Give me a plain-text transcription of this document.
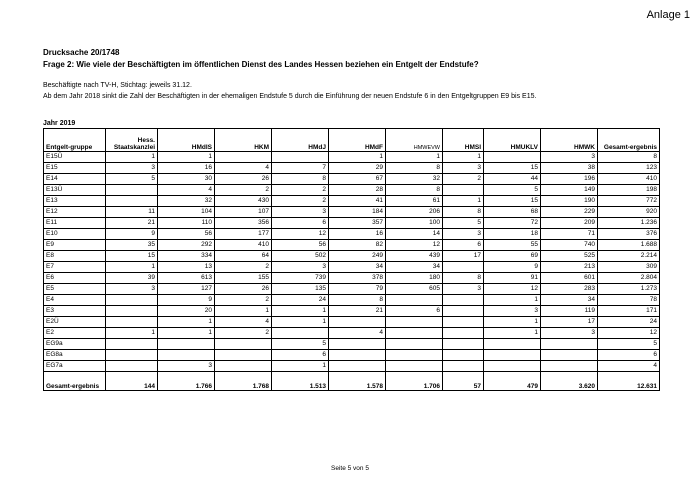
Anlage 1
Drucksache 20/1748
Frage 2: Wie viele der Beschäftigten im öffentlichen Dienst des Landes Hessen beziehen ein Entgelt der Endstufe?
Beschäftigte nach TV-H, Stichtag: jeweils 31.12.
Ab dem Jahr 2018 sinkt die Zahl der Beschäftigten in der ehemaligen Endstufe 5 durch die Einführung der neuen Endstufe 6 in den Entgeltgruppen E9 bis E15.
Jahr 2019
Entgelt-gruppe	Hess. Staatskanzlei	HMdIS	HKM	HMdJ	HMdF	HMWEVW	HMSI	HMUKLV	HMWK	Gesamt-ergebnis
E15Ü	1	1			1	1	1		3	8
E15	3	16	4	7	29	8	3	15	38	123
E14	5	30	26	8	67	32	2	44	196	410
E13Ü		4	2	2	28	8		5	149	198
E13		32	430	2	41	61	1	15	190	772
E12	11	104	107	3	184	206	8	68	229	920
E11	21	110	356	6	357	100	5	72	209	1.236
E10	9	56	177	12	16	14	3	18	71	376
E9	35	292	410	56	82	12	6	55	740	1.688
E8	15	334	64	502	249	439	17	69	525	2.214
E7	1	13	2	3	34	34		9	213	309
E6	39	613	155	739	378	180	8	91	601	2.804
E5	3	127	26	135	79	605	3	12	283	1.273
E4		9	2	24	8			1	34	78
E3		20	1	1	21	6		3	119	171
E2Ü		1	4	1				1	17	24
E2	1	1	2		4			1	3	12
EG9a				5						5
EG8a				6						6
EG7a		3		1						4
Gesamt-ergebnis	144	1.766	1.768	1.513	1.578	1.706	57	479	3.620	12.631
Seite 5 von 5
